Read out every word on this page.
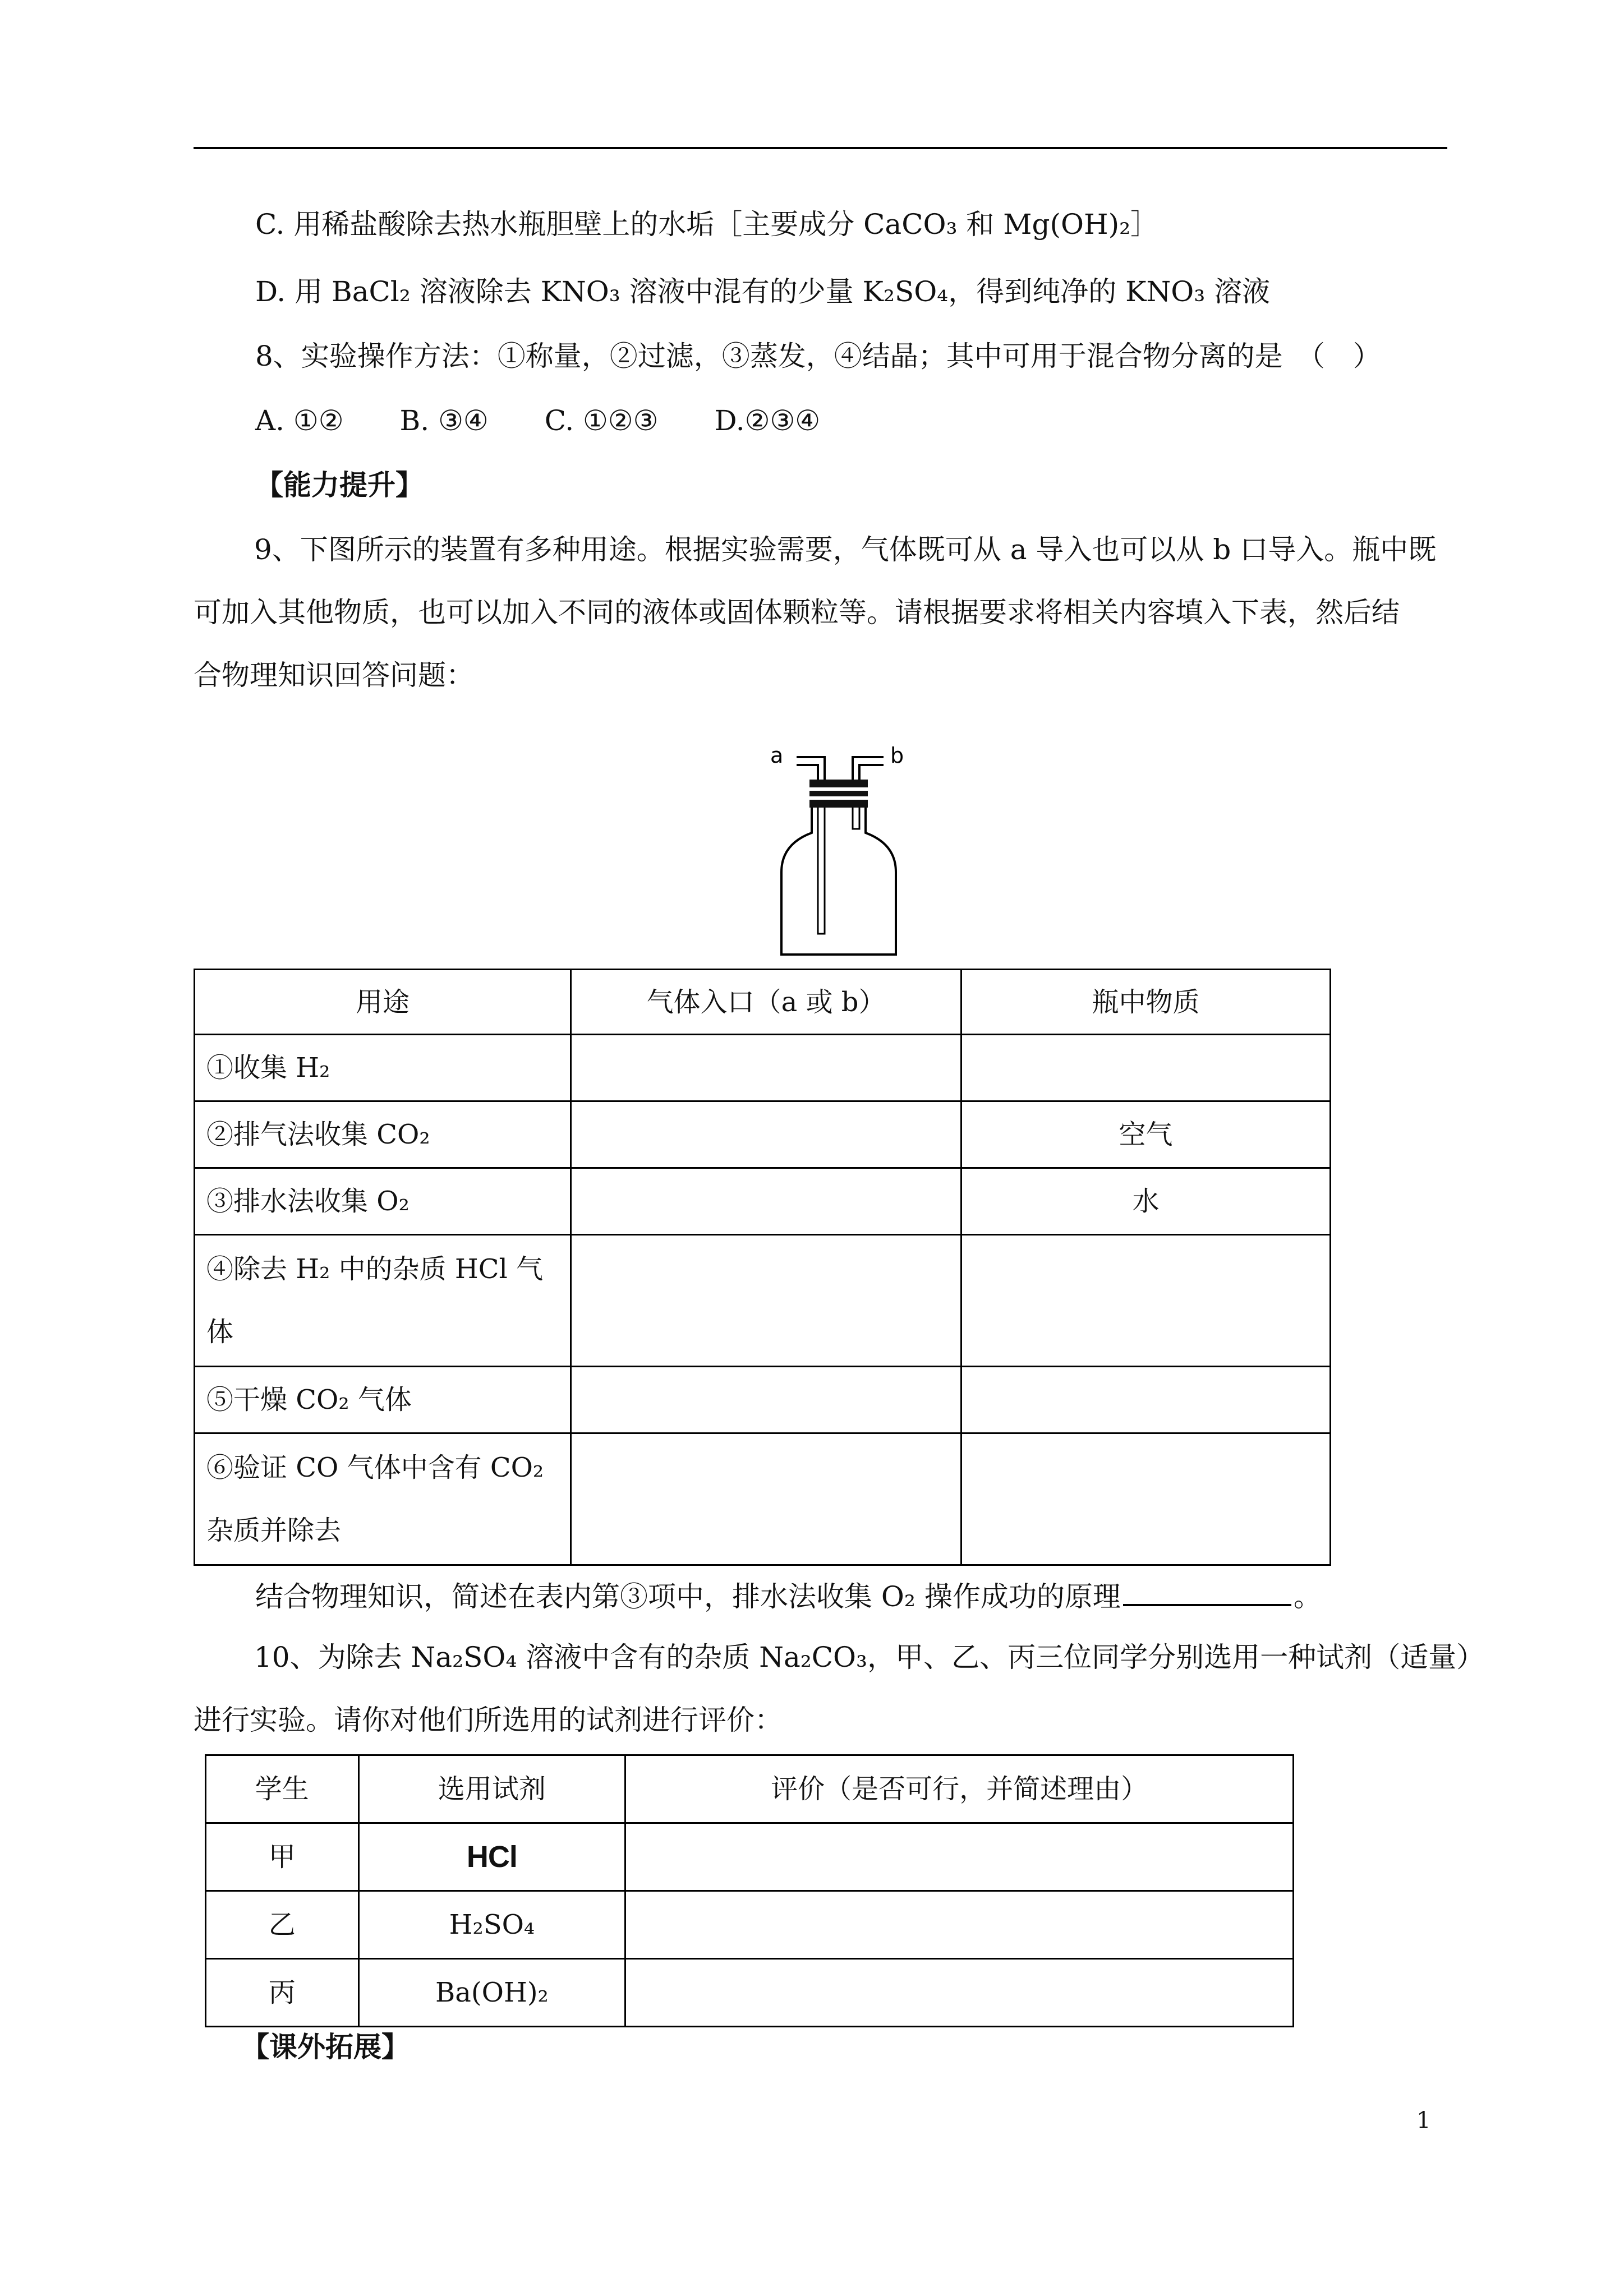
C. 用稀盐酸除去热水瓶胆壁上的水垢［主要成分 CaCO₃ 和 Mg(OH)₂］
D. 用 BaCl₂ 溶液除去 KNO₃ 溶液中混有的少量 K₂SO₄，得到纯净的 KNO₃ 溶液
8、实验操作方法：①称量，②过滤，③蒸发，④结晶；其中可用于混合物分离的是　（　）
A. ①②　　B. ③④　　C. ①②③　　D.②③④
【能力提升】
9、下图所示的装置有多种用途。根据实验需要，气体既可从 a 导入也可以从 b 口导入。瓶中既
可加入其他物质，也可以加入不同的液体或固体颗粒等。请根据要求将相关内容填入下表，然后结
合物理知识回答问题：
a	b
用途	气体入口（a 或 b）	瓶中物质
①收集 H₂		
②排气法收集 CO₂		空气
③排水法收集 O₂		水
④除去 H₂ 中的杂质 HCl 气体		
⑤干燥 CO₂ 气体		
⑥验证 CO 气体中含有 CO₂ 杂质并除去		
结合物理知识，简述在表内第③项中，排水法收集 O₂ 操作成功的原理	。
10、为除去 Na₂SO₄ 溶液中含有的杂质 Na₂CO₃，甲、乙、丙三位同学分别选用一种试剂（适量）
进行实验。请你对他们所选用的试剂进行评价：
学生	选用试剂	评价（是否可行，并简述理由）
甲	HCl	
乙	H₂SO₄	
丙	Ba(OH)₂	
【课外拓展】
1
